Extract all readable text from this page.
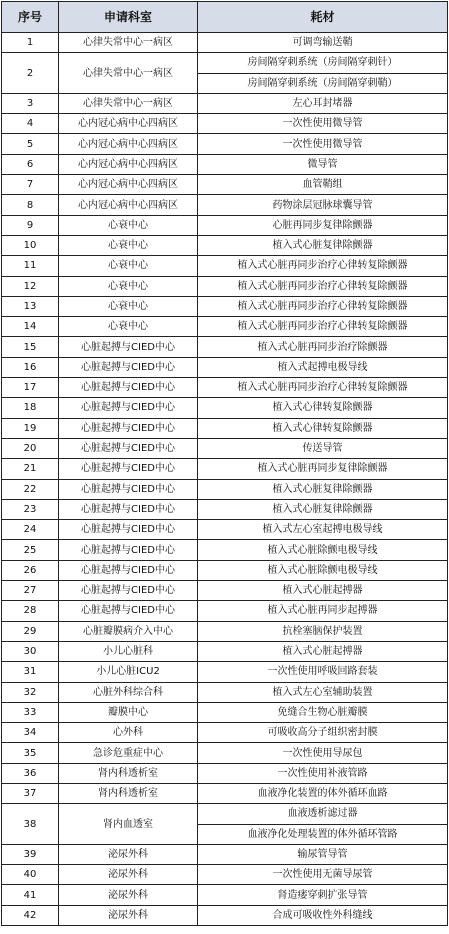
序号	申请科室	耗材
1	心律失常中心一病区	可调弯输送鞘
2	心律失常中心一病区	房间隔穿刺系统（房间隔穿刺针）
		房间隔穿刺系统（房间隔穿刺鞘）
3	心律失常中心一病区	左心耳封堵器
4	心内冠心病中心四病区	一次性使用微导管
5	心内冠心病中心四病区	一次性使用微导管
6	心内冠心病中心四病区	微导管
7	心内冠心病中心四病区	血管鞘组
8	心内冠心病中心四病区	药物涂层冠脉球囊导管
9	心衰中心	心脏再同步复律除颤器
10	心衰中心	植入式心脏复律除颤器
11	心衰中心	植入式心脏再同步治疗心律转复除颤器
12	心衰中心	植入式心脏再同步治疗心律转复除颤器
13	心衰中心	植入式心脏再同步治疗心律转复除颤器
14	心衰中心	植入式心脏再同步治疗心律转复除颤器
15	心脏起搏与CIED中心	植入式心脏再同步治疗除颤器
16	心脏起搏与CIED中心	植入式起搏电极导线
17	心脏起搏与CIED中心	植入式心脏再同步治疗心律转复除颤器
18	心脏起搏与CIED中心	植入式心律转复除颤器
19	心脏起搏与CIED中心	植入式心律转复除颤器
20	心脏起搏与CIED中心	传送导管
21	心脏起搏与CIED中心	植入式心脏再同步复律除颤器
22	心脏起搏与CIED中心	植入式心脏复律除颤器
23	心脏起搏与CIED中心	植入式心脏复律除颤器
24	心脏起搏与CIED中心	植入式左心室起搏电极导线
25	心脏起搏与CIED中心	植入式心脏除颤电极导线
26	心脏起搏与CIED中心	植入式心脏除颤电极导线
27	心脏起搏与CIED中心	植入式心脏起搏器
28	心脏起搏与CIED中心	植入式心脏再同步起搏器
29	心脏瓣膜病介入中心	抗栓塞脑保护装置
30	小儿心脏科	植入式心脏起搏器
31	小儿心脏ICU2	一次性使用呼吸回路套装
32	心脏外科综合科	植入式左心室辅助装置
33	瓣膜中心	免缝合生物心脏瓣膜
34	心外科	可吸收高分子组织密封膜
35	急诊危重症中心	一次性使用导尿包
36	肾内科透析室	一次性使用补液管路
37	肾内科透析室	血液净化装置的体外循环血路
38	肾内血透室	血液透析滤过器
		血液净化处理装置的体外循环管路
39	泌尿外科	输尿管导管
40	泌尿外科	一次性使用无菌导尿管
41	泌尿外科	肾造瘘穿刺扩张导管
42	泌尿外科	合成可吸收性外科缝线
